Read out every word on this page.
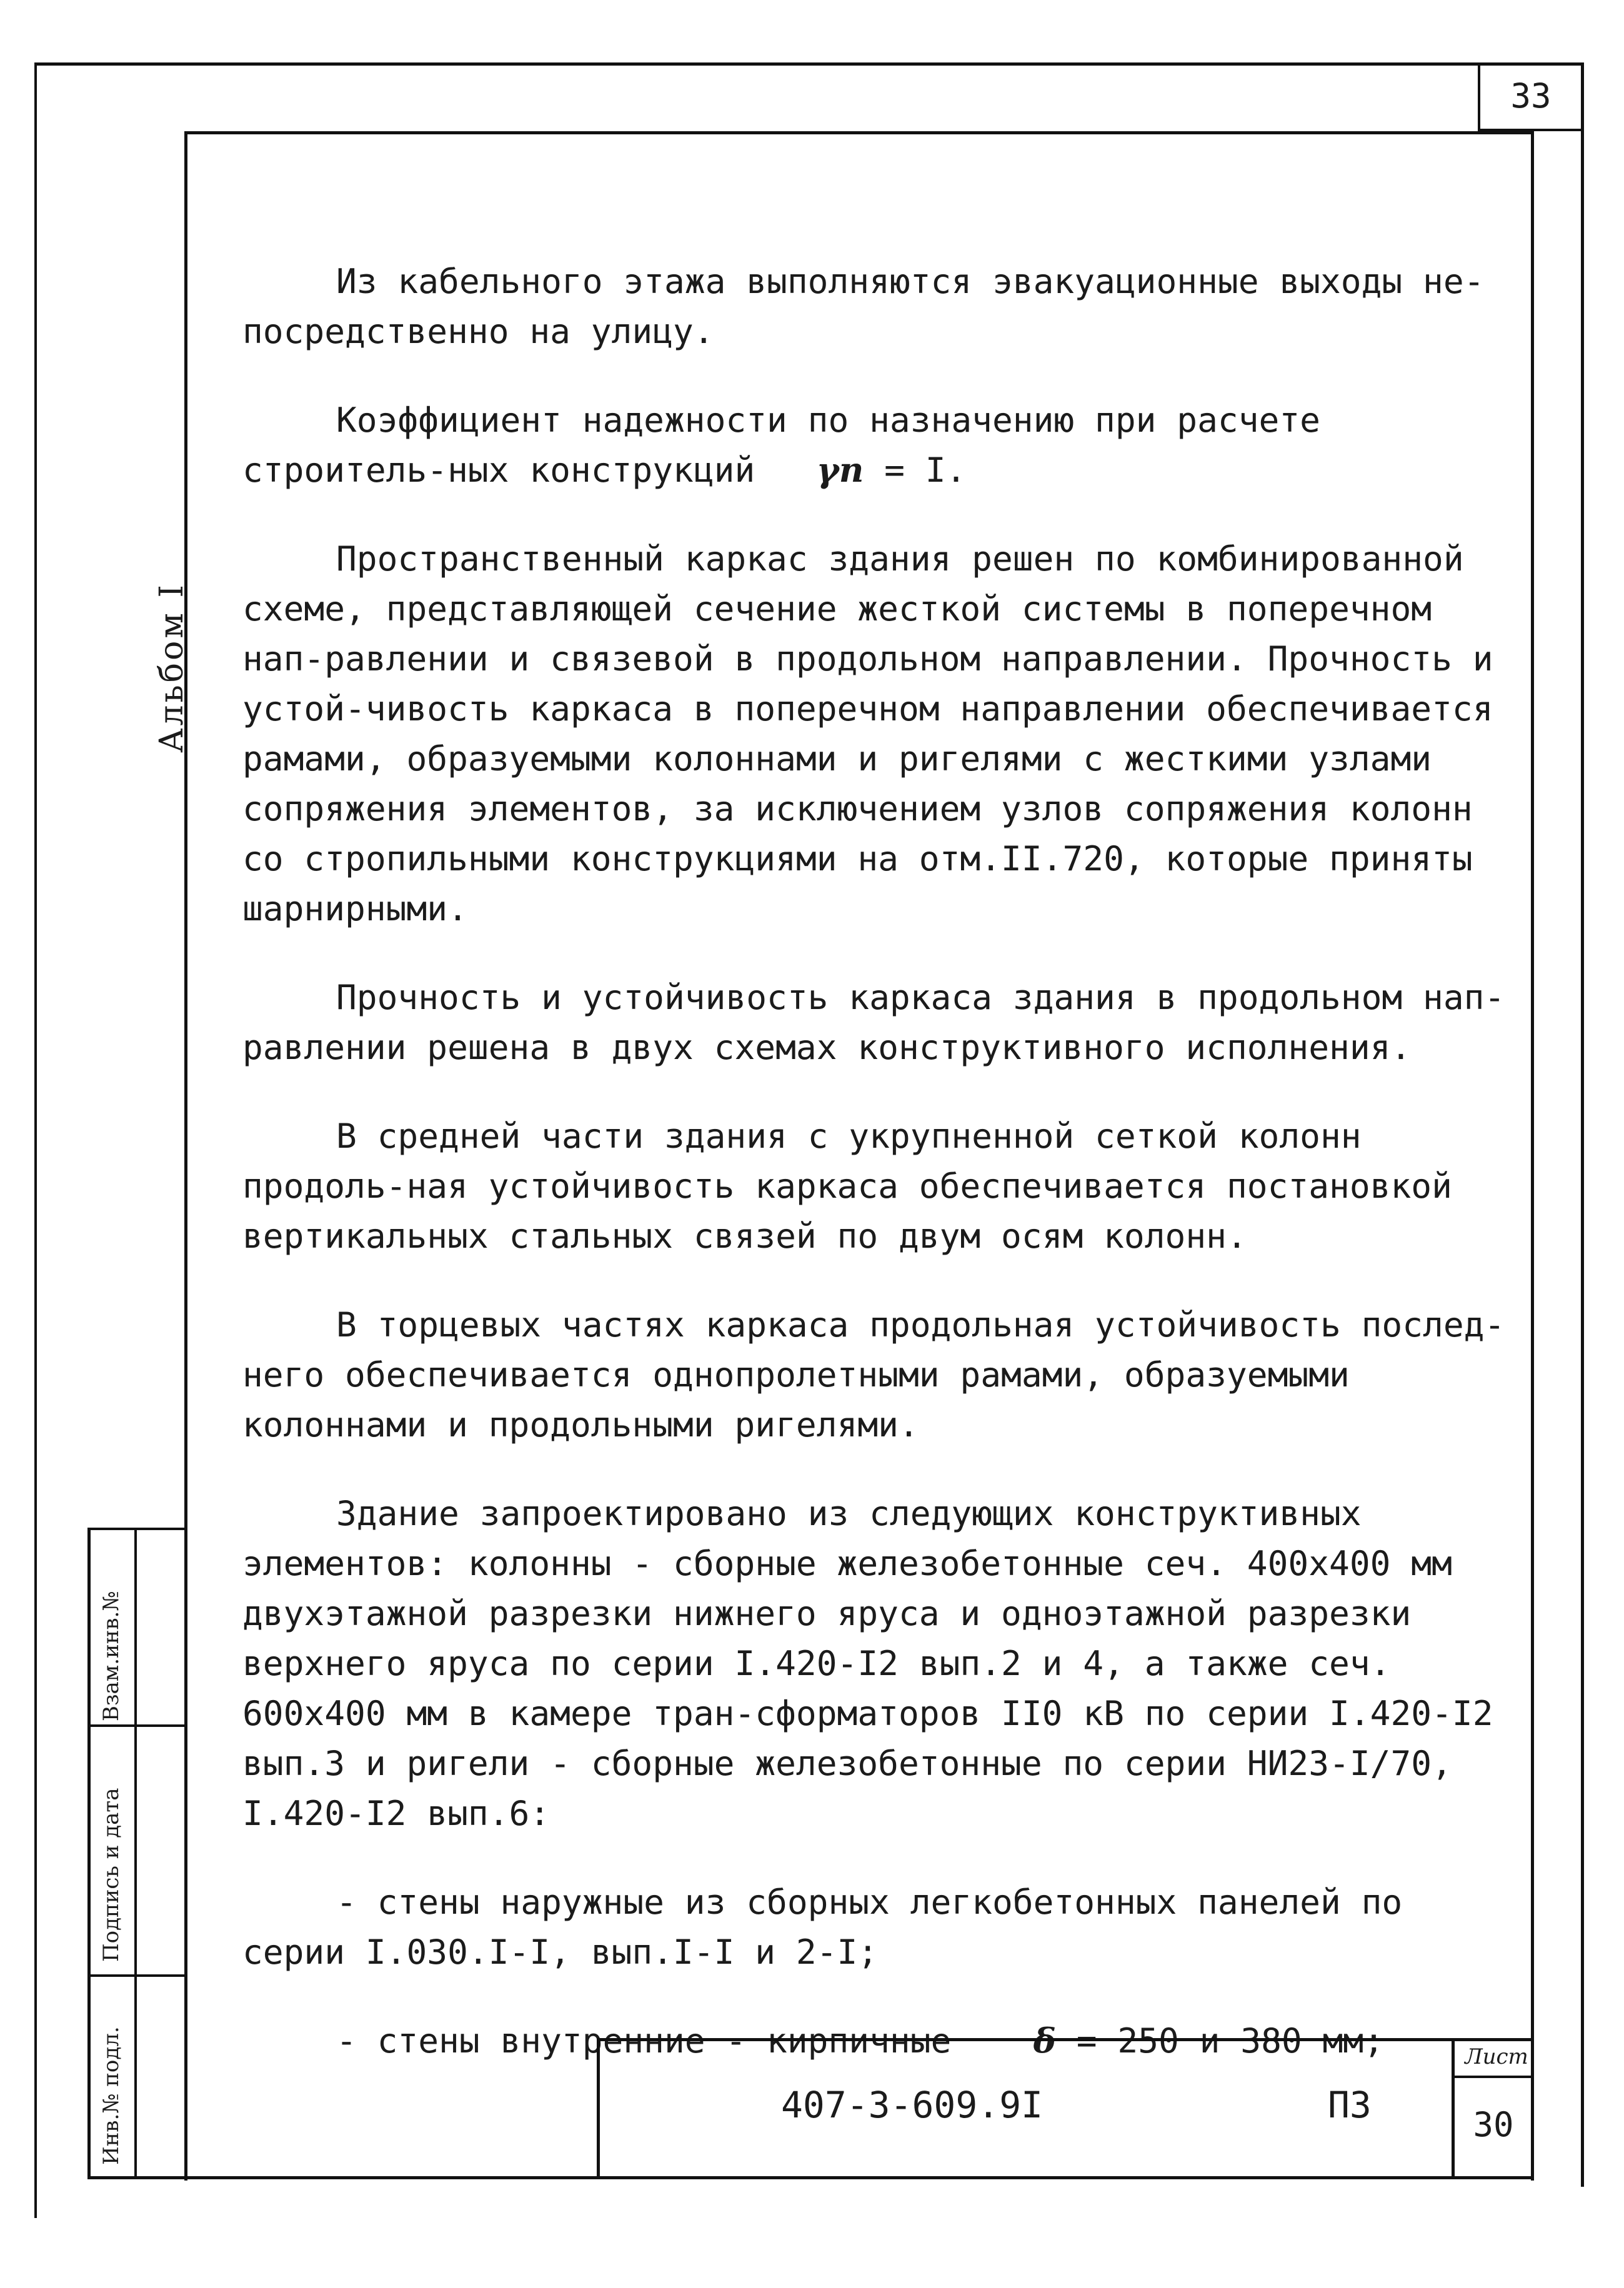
33
Альбом I

Из кабельного этажа выполняются эвакуационные выходы не-посредственно на улицу.

Коэффициент надежности по назначению при расчете строитель-ных конструкций γn = I.

Пространственный каркас здания решен по комбинированной схеме, представляющей сечение жесткой системы в поперечном нап-равлении и связевой в продольном направлении. Прочность и устой-чивость каркаса в поперечном направлении обеспечивается рамами, образуемыми колоннами и ригелями с жесткими узлами сопряжения элементов, за исключением узлов сопряжения колонн со стропильными конструкциями на отм.II.720, которые приняты шарнирными.

Прочность и устойчивость каркаса здания в продольном нап-равлении решена в двух схемах конструктивного исполнения.

В средней части здания с укрупненной сеткой колонн продоль-ная устойчивость каркаса обеспечивается постановкой вертикальных стальных связей по двум осям колонн.

В торцевых частях каркаса продольная устойчивость послед-него обеспечивается однопролетными рамами, образуемыми колоннами и продольными ригелями.

Здание запроектировано из следующих конструктивных элементов: колонны - сборные железобетонные сеч. 400х400 мм двухэтажной разрезки нижнего яруса и одноэтажной разрезки верхнего яруса по серии I.420-I2 вып.2 и 4, а также сеч. 600х400 мм в камере тран-сформаторов II0 кВ по серии I.420-I2 вып.3 и ригели - сборные железобетонные по серии НИ23-I/70, I.420-I2 вып.6:

- стены наружные из сборных легкобетонных панелей по серии I.030.I-I, вып.I-I и 2-I;

- стены внутренние - кирпичные δ = 250 и 380 мм;

Взам.инв.№
Подпись и дата
Инв.№ подл.	407-3-609.9I	ПЗ
Лист
30
